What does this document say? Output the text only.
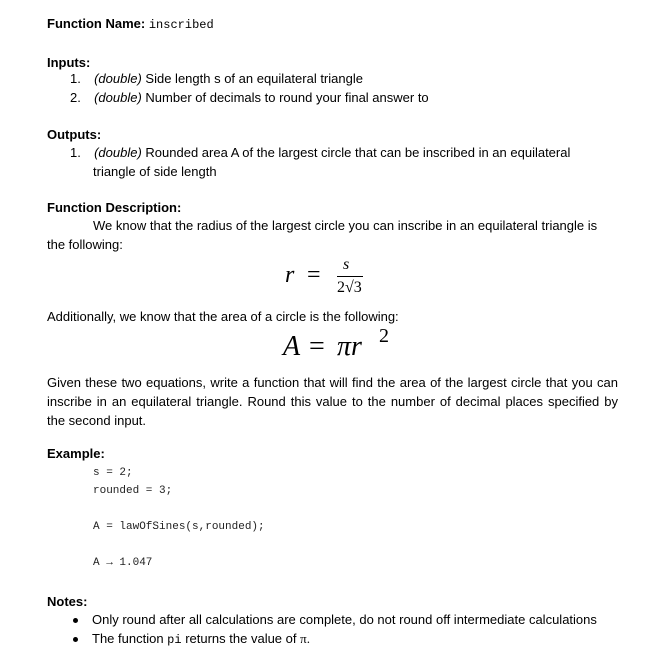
Function Name: inscribed
Inputs:
1. (double) Side length s of an equilateral triangle
2. (double) Number of decimals to round your final answer to
Outputs:
1. (double) Rounded area A of the largest circle that can be inscribed in an equilateral
triangle of side length
Function Description:
We know that the radius of the largest circle you can inscribe in an equilateral triangle is
the following:
r = s
2√3
Additionally, we know that the area of a circle is the following:
A = πr 2
Given these two equations, write a function that will find the area of the largest circle that you can inscribe in an equilateral triangle. Round this value to the number of decimal places specified by the second input.
Example:
s = 2;
rounded = 3;
A = lawOfSines(s,rounded);
A → 1.047
Notes:
Only round after all calculations are complete, do not round off intermediate calculations
The function pi returns the value of π.
